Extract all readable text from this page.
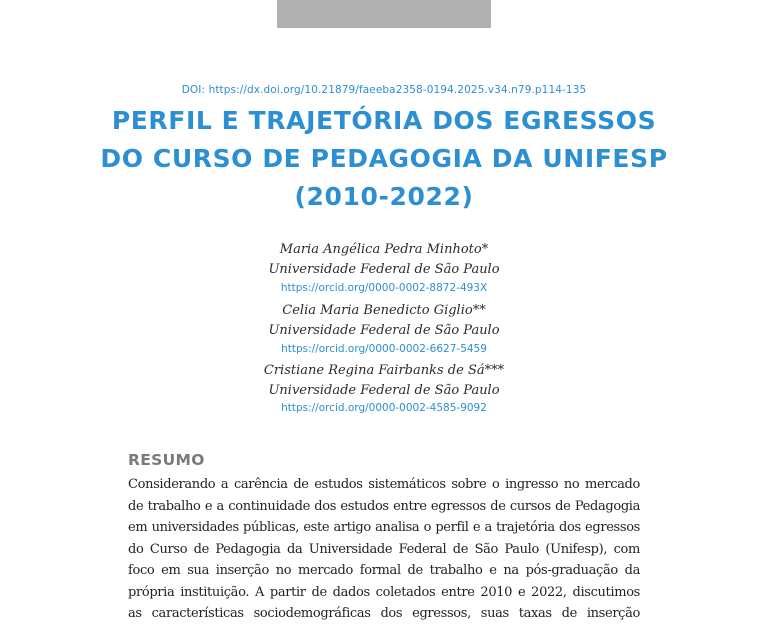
DOI: https://dx.doi.org/10.21879/faeeba2358-0194.2025.v34.n79.p114-135
PERFIL E TRAJETÓRIA DOS EGRESSOS
DO CURSO DE PEDAGOGIA DA UNIFESP
(2010-2022)
Maria Angélica Pedra Minhoto*
Universidade Federal de São Paulo
https://orcid.org/0000-0002-8872-493X
Celia Maria Benedicto Giglio**
Universidade Federal de São Paulo
https://orcid.org/0000-0002-6627-5459
Cristiane Regina Fairbanks de Sá***
Universidade Federal de São Paulo
https://orcid.org/0000-0002-4585-9092
RESUMO
Considerando a carência de estudos sistemáticos sobre o ingresso no mercado
de trabalho e a continuidade dos estudos entre egressos de cursos de Pedagogia
em universidades públicas, este artigo analisa o perfil e a trajetória dos egressos
do Curso de Pedagogia da Universidade Federal de São Paulo (Unifesp), com
foco em sua inserção no mercado formal de trabalho e na pós-graduação da
própria instituição. A partir de dados coletados entre 2010 e 2022, discutimos
as características sociodemográficas dos egressos, suas taxas de inserção
